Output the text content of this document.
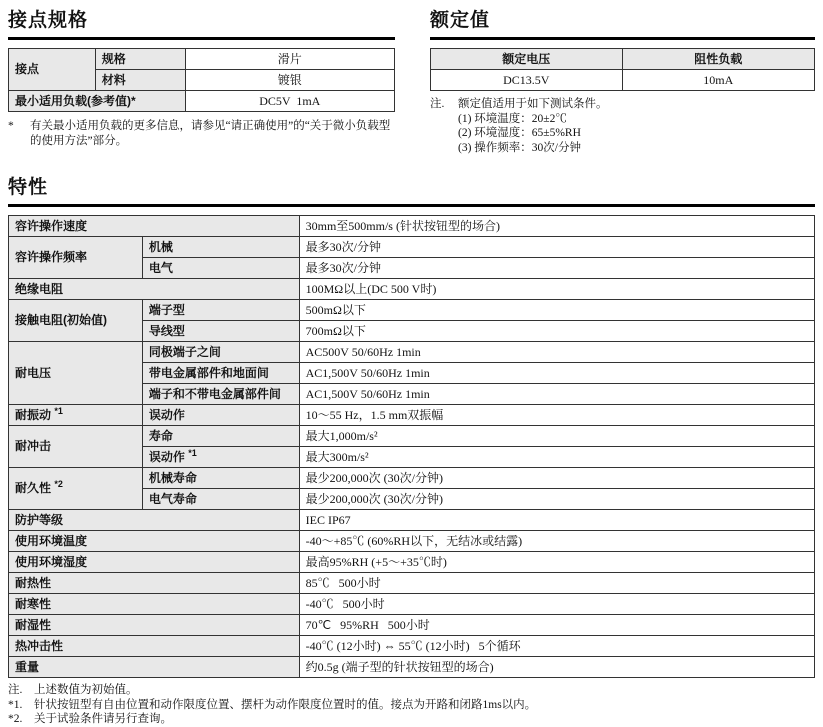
接点规格
接点	规格	滑片
	材料	镀银
最小适用负载(参考值)*		DC5V  1mA
*	有关最小适用负载的更多信息，请参见“请正确使用”的“关于微小负载型的使用方法”部分。
额定值
额定电压	阻性负载
DC13.5V	10mA
注.	额定值适用于如下测试条件。
(1) 环境温度：20±2℃
(2) 环境湿度：65±5%RH
(3) 操作频率：30次/分钟
特性
容许操作速度		30mm至500mm/s (针状按钮型的场合)
容许操作频率	机械	最多30次/分钟
	电气	最多30次/分钟
绝缘电阻		100MΩ以上(DC 500 V时)
接触电阻(初始值)	端子型	500mΩ以下
	导线型	700mΩ以下
耐电压	同极端子之间	AC500V 50/60Hz 1min
	带电金属部件和地面间	AC1,500V 50/60Hz 1min
	端子和不带电金属部件间	AC1,500V 50/60Hz 1min
耐振动 $^{*1}$	误动作	10～55 Hz，1.5 mm双振幅
耐冲击	寿命	最大1,000m/s²
	误动作 $^{*1}$	最大300m/s²
耐久性 $^{*2}$	机械寿命	最少200,000次 (30次/分钟)
	电气寿命	最少200,000次 (30次/分钟)
防护等级		IEC IP67
使用环境温度		-40～+85℃ (60%RH以下，无结冰或结露)
使用环境湿度		最高95%RH (+5～+35℃时)
耐热性		85℃   500小时
耐寒性		-40℃   500小时
耐湿性		70℃   95%RH   500小时
热冲击性		-40℃ (12小时) ⇔ 55℃ (12小时)   5个循环
重量		约0.5g (端子型的针状按钮型的场合)
注.	上述数值为初始值。
*1.	针状按钮型有自由位置和动作限度位置、摆杆为动作限度位置时的值。接点为开路和闭路1ms以内。
*2.	关于试验条件请另行查询。
